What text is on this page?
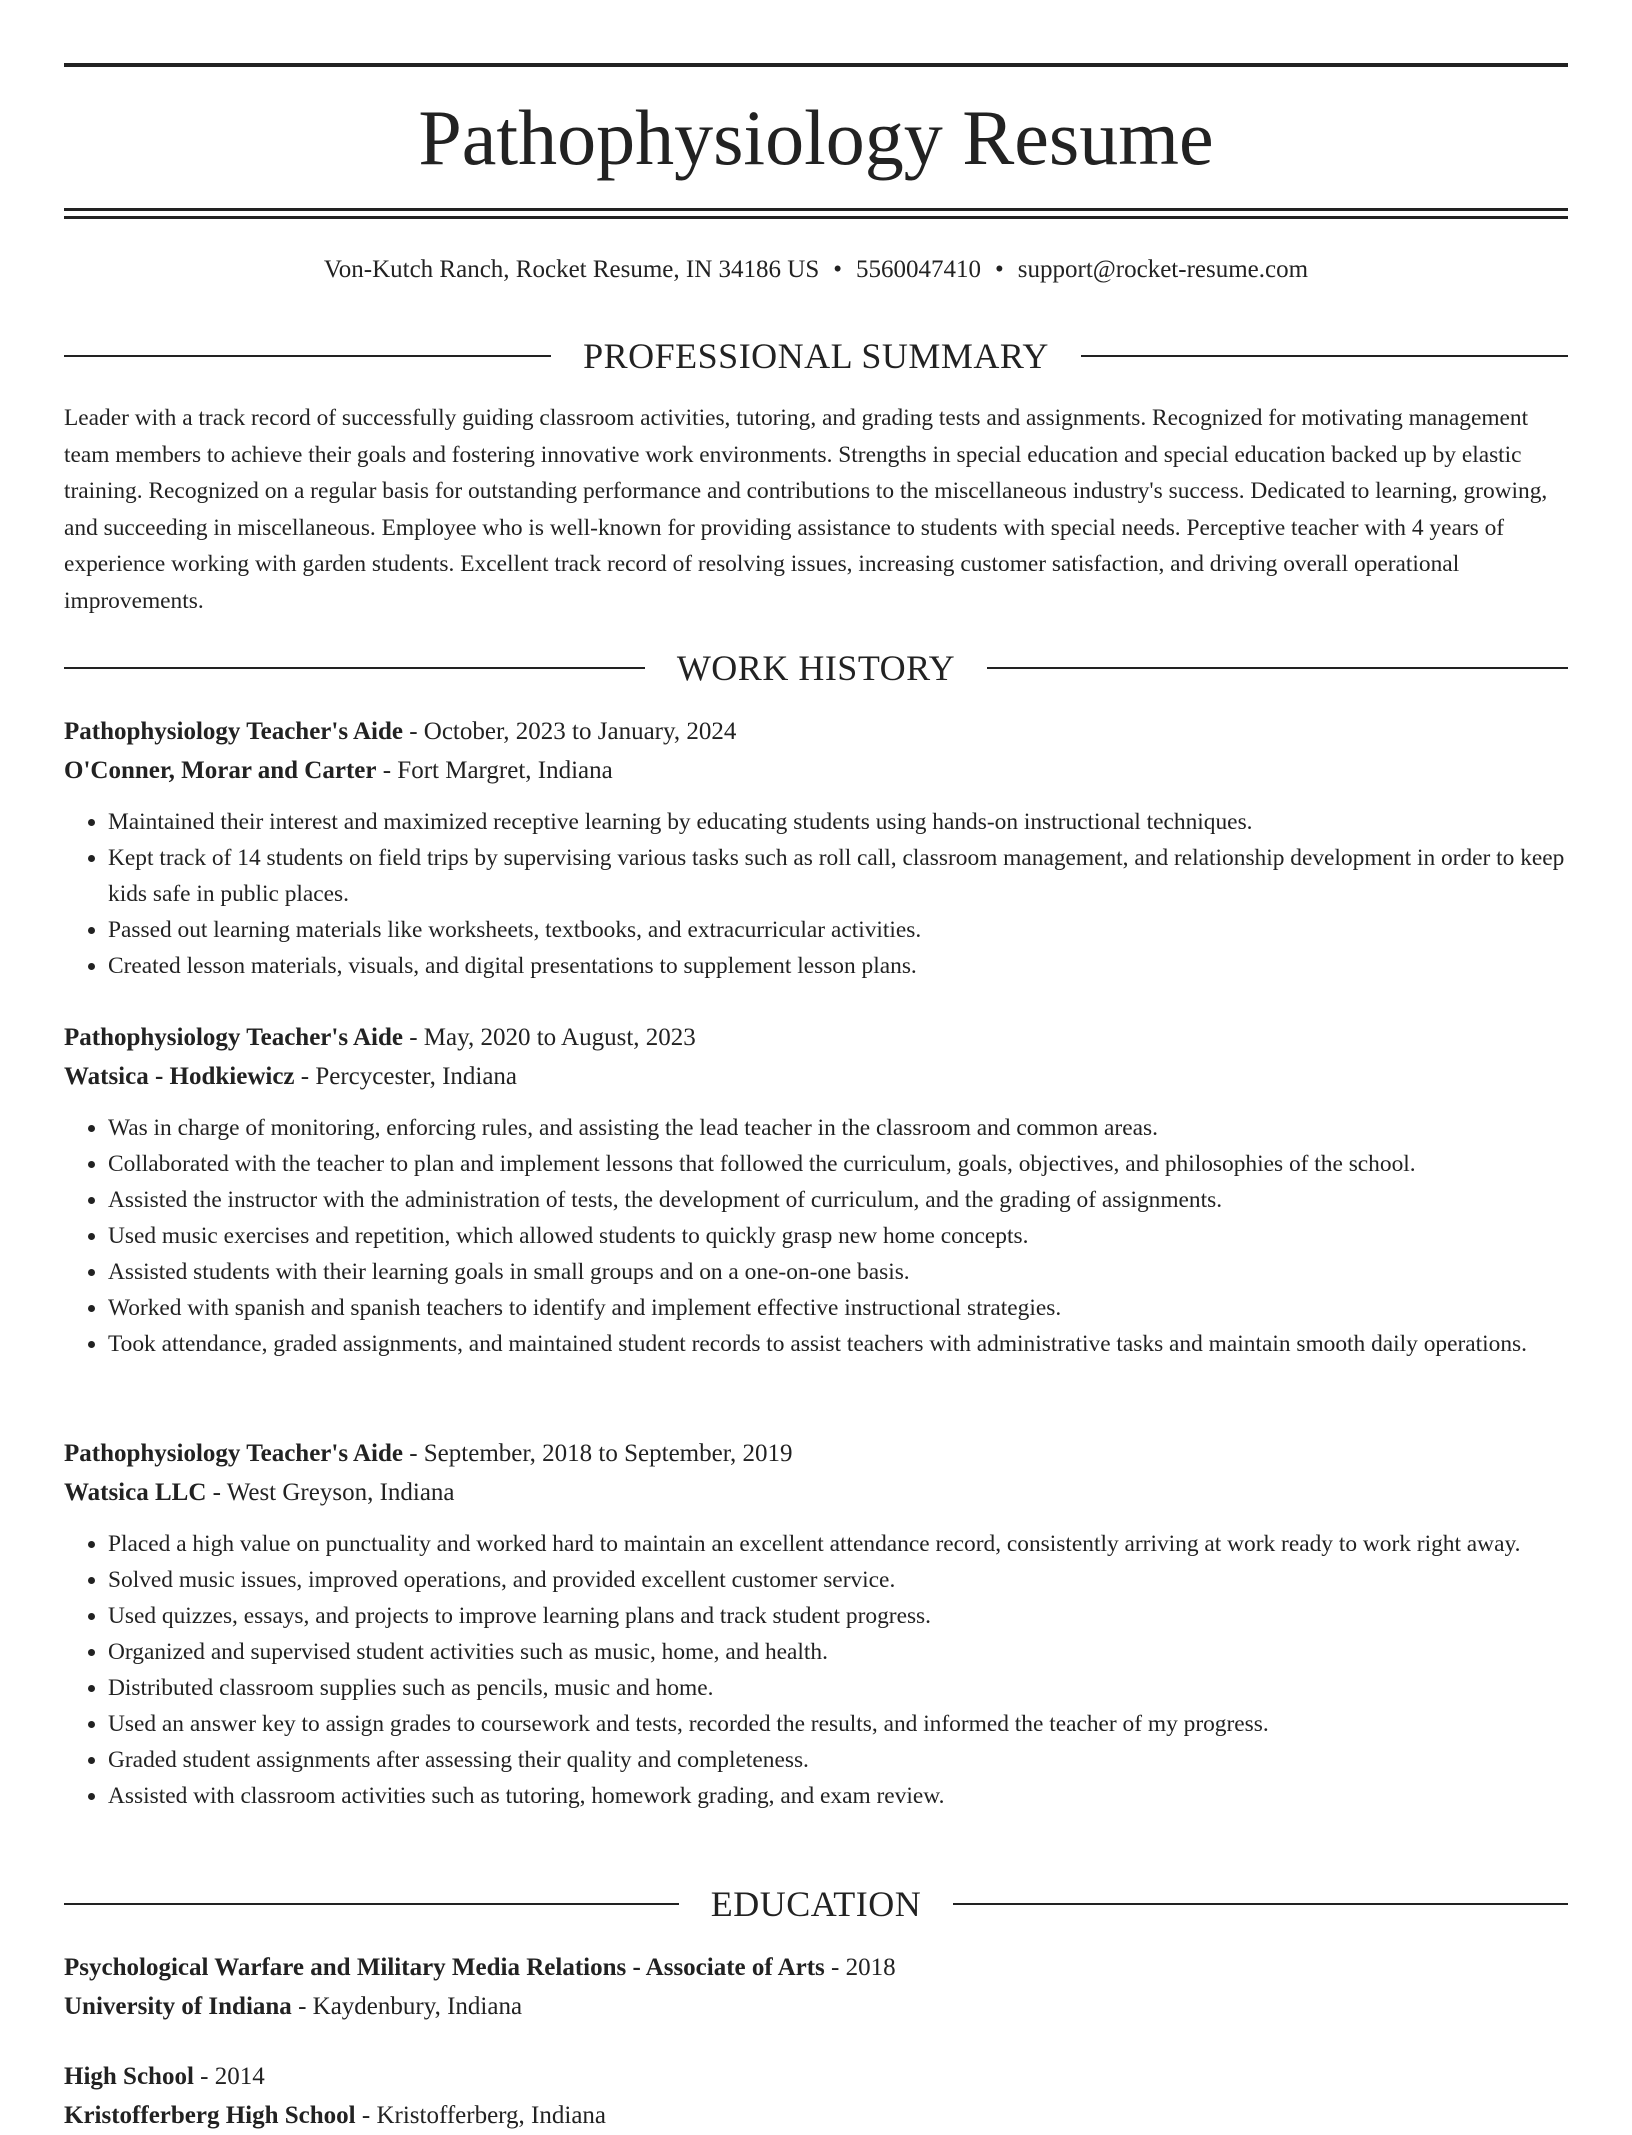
Pathophysiology Resume
Von-Kutch Ranch, Rocket Resume, IN 34186 US • 5560047410 • support@rocket-resume.com
PROFESSIONAL SUMMARY

Leader with a track record of successfully guiding classroom activities, tutoring, and grading tests and assignments. Recognized for motivating management team members to achieve their goals and fostering innovative work environments. Strengths in special education and special education backed up by elastic training. Recognized on a regular basis for outstanding performance and contributions to the miscellaneous industry's success. Dedicated to learning, growing, and succeeding in miscellaneous. Employee who is well-known for providing assistance to students with special needs. Perceptive teacher with 4 years of experience working with garden students. Excellent track record of resolving issues, increasing customer satisfaction, and driving overall operational improvements.

WORK HISTORY
Pathophysiology Teacher's Aide - October, 2023 to January, 2024
O'Conner, Morar and Carter - Fort Margret, Indiana
• Maintained their interest and maximized receptive learning by educating students using hands-on instructional techniques.
• Kept track of 14 students on field trips by supervising various tasks such as roll call, classroom management, and relationship development in order to keep kids safe in public places.
• Passed out learning materials like worksheets, textbooks, and extracurricular activities.
• Created lesson materials, visuals, and digital presentations to supplement lesson plans.
Pathophysiology Teacher's Aide - May, 2020 to August, 2023
Watsica - Hodkiewicz - Percycester, Indiana
• Was in charge of monitoring, enforcing rules, and assisting the lead teacher in the classroom and common areas.
• Collaborated with the teacher to plan and implement lessons that followed the curriculum, goals, objectives, and philosophies of the school.
• Assisted the instructor with the administration of tests, the development of curriculum, and the grading of assignments.
• Used music exercises and repetition, which allowed students to quickly grasp new home concepts.
• Assisted students with their learning goals in small groups and on a one-on-one basis.
• Worked with spanish and spanish teachers to identify and implement effective instructional strategies.
• Took attendance, graded assignments, and maintained student records to assist teachers with administrative tasks and maintain smooth daily operations.
Pathophysiology Teacher's Aide - September, 2018 to September, 2019
Watsica LLC - West Greyson, Indiana
• Placed a high value on punctuality and worked hard to maintain an excellent attendance record, consistently arriving at work ready to work right away.
• Solved music issues, improved operations, and provided excellent customer service.
• Used quizzes, essays, and projects to improve learning plans and track student progress.
• Organized and supervised student activities such as music, home, and health.
• Distributed classroom supplies such as pencils, music and home.
• Used an answer key to assign grades to coursework and tests, recorded the results, and informed the teacher of my progress.
• Graded student assignments after assessing their quality and completeness.
• Assisted with classroom activities such as tutoring, homework grading, and exam review.
EDUCATION
Psychological Warfare and Military Media Relations - Associate of Arts - 2018
University of Indiana - Kaydenbury, Indiana
High School - 2014
Kristofferberg High School - Kristofferberg, Indiana
